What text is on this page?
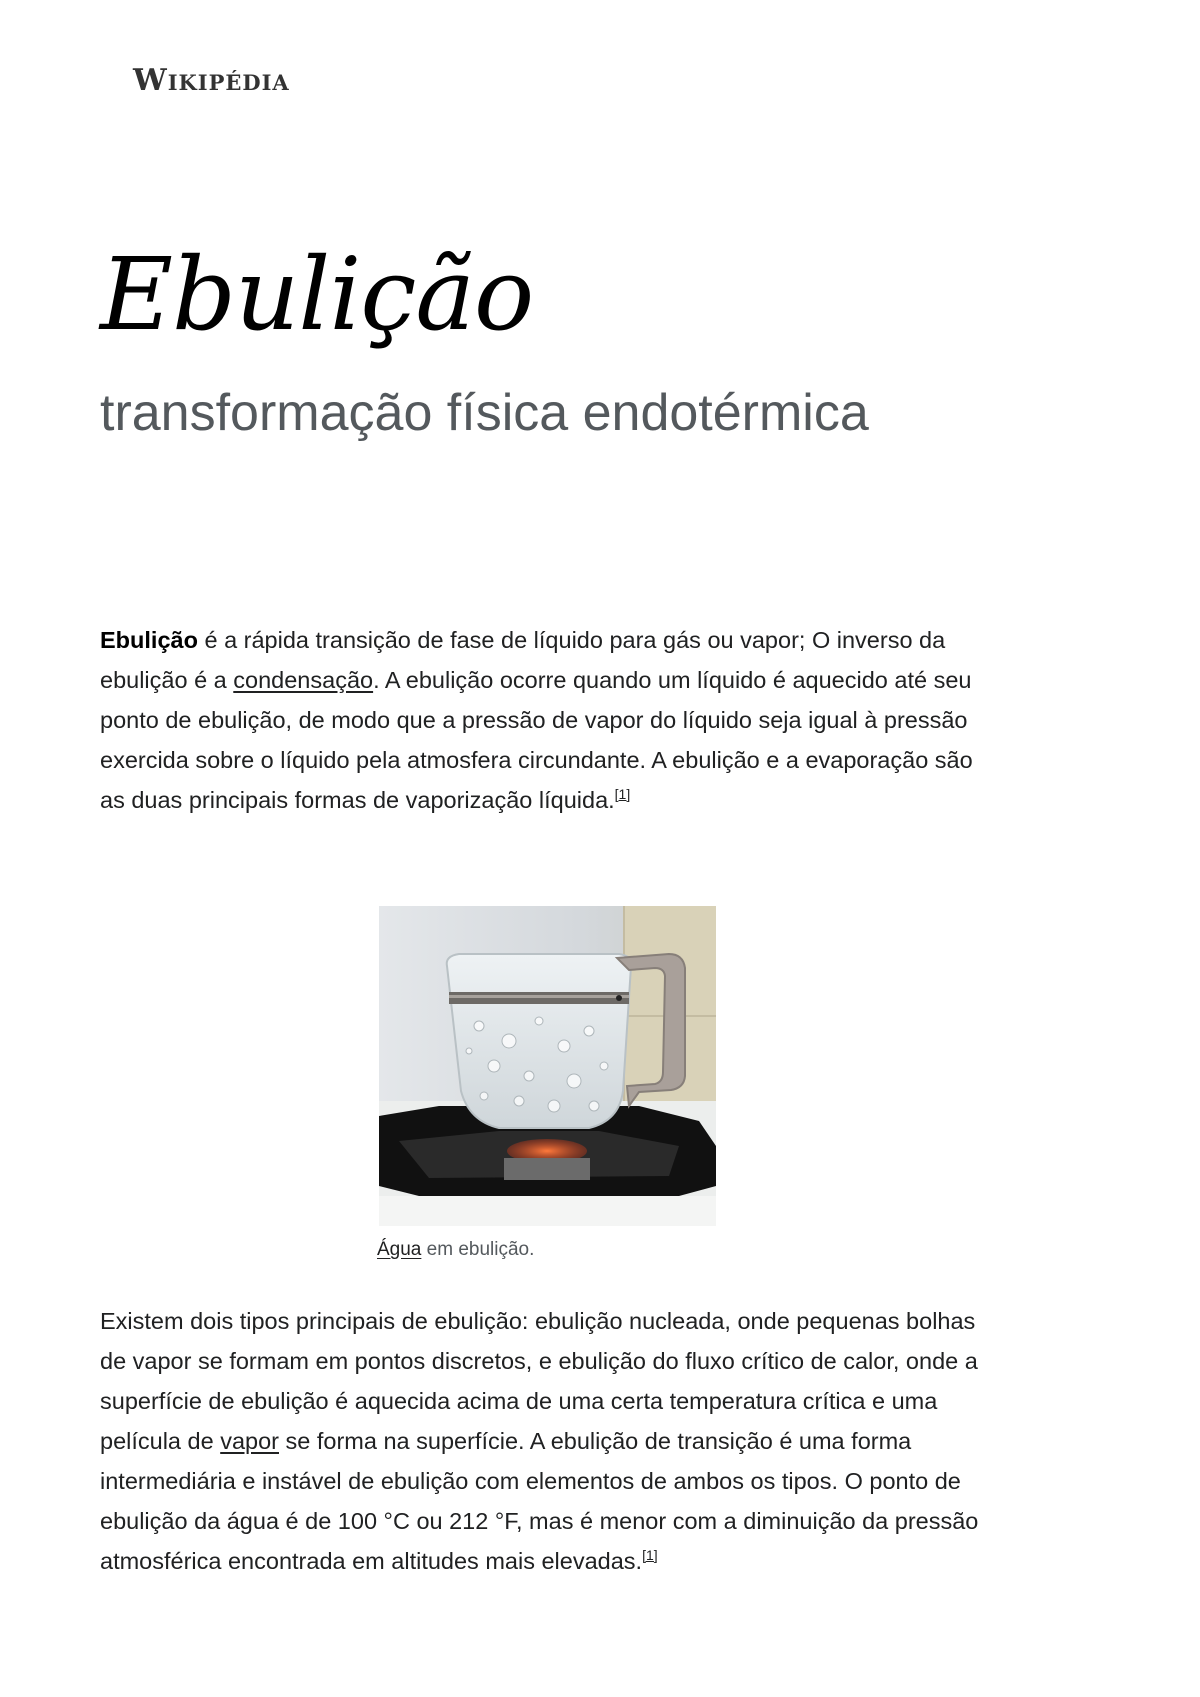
Wikipédia
Ebulição
transformação física endotérmica

Ebulição é a rápida transição de fase de líquido para gás ou vapor; O inverso da ebulição é a condensação. A ebulição ocorre quando um líquido é aquecido até seu ponto de ebulição, de modo que a pressão de vapor do líquido seja igual à pressão exercida sobre o líquido pela atmosfera circundante. A ebulição e a evaporação são as duas principais formas de vaporização líquida.[1]

Água em ebulição.

Existem dois tipos principais de ebulição: ebulição nucleada, onde pequenas bolhas de vapor se formam em pontos discretos, e ebulição do fluxo crítico de calor, onde a superfície de ebulição é aquecida acima de uma certa temperatura crítica e uma película de vapor se forma na superfície. A ebulição de transição é uma forma intermediária e instável de ebulição com elementos de ambos os tipos. O ponto de ebulição da água é de 100 °C ou 212 °F, mas é menor com a diminuição da pressão atmosférica encontrada em altitudes mais elevadas.[1]
